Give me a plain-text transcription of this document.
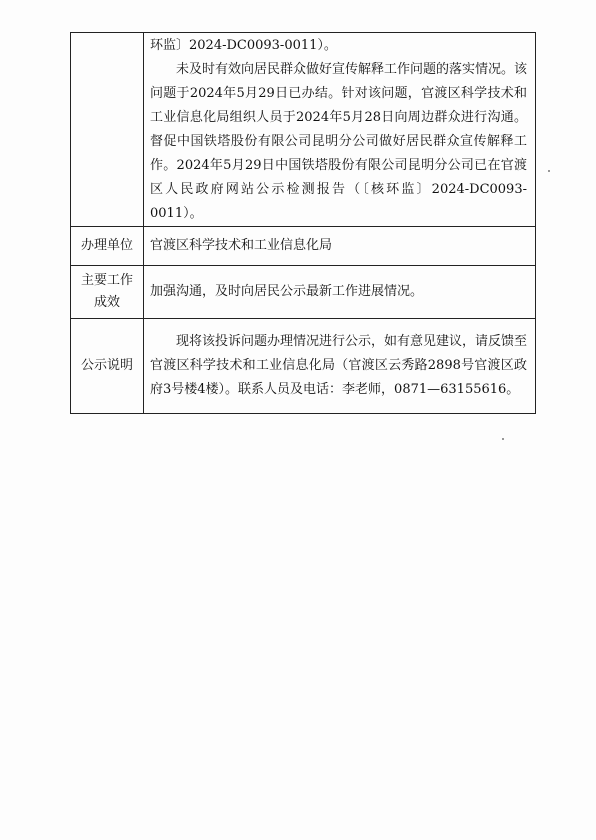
	环监〕2024-DC0093-0011）。

未及时有效向居民群众做好宣传解释工作问题的落实情况。该问题于2024年5月29日已办结。针对该问题，官渡区科学技术和工业信息化局组织人员于2024年5月28日向周边群众进行沟通。督促中国铁塔股份有限公司昆明分公司做好居民群众宣传解释工作。2024年5月29日中国铁塔股份有限公司昆明分公司已在官渡区人民政府网站公示检测报告（〔核环监〕2024-DC0093-0011）。

办理单位	官渡区科学技术和工业信息化局

主要工作
成效	加强沟通，及时向居民公示最新工作进展情况。
公示说明	现将该投诉问题办理情况进行公示，如有意见建议，请反馈至官渡区科学技术和工业信息化局（官渡区云秀路2898号官渡区政府3号楼4楼）。联系人员及电话：李老师，0871—63155616。
